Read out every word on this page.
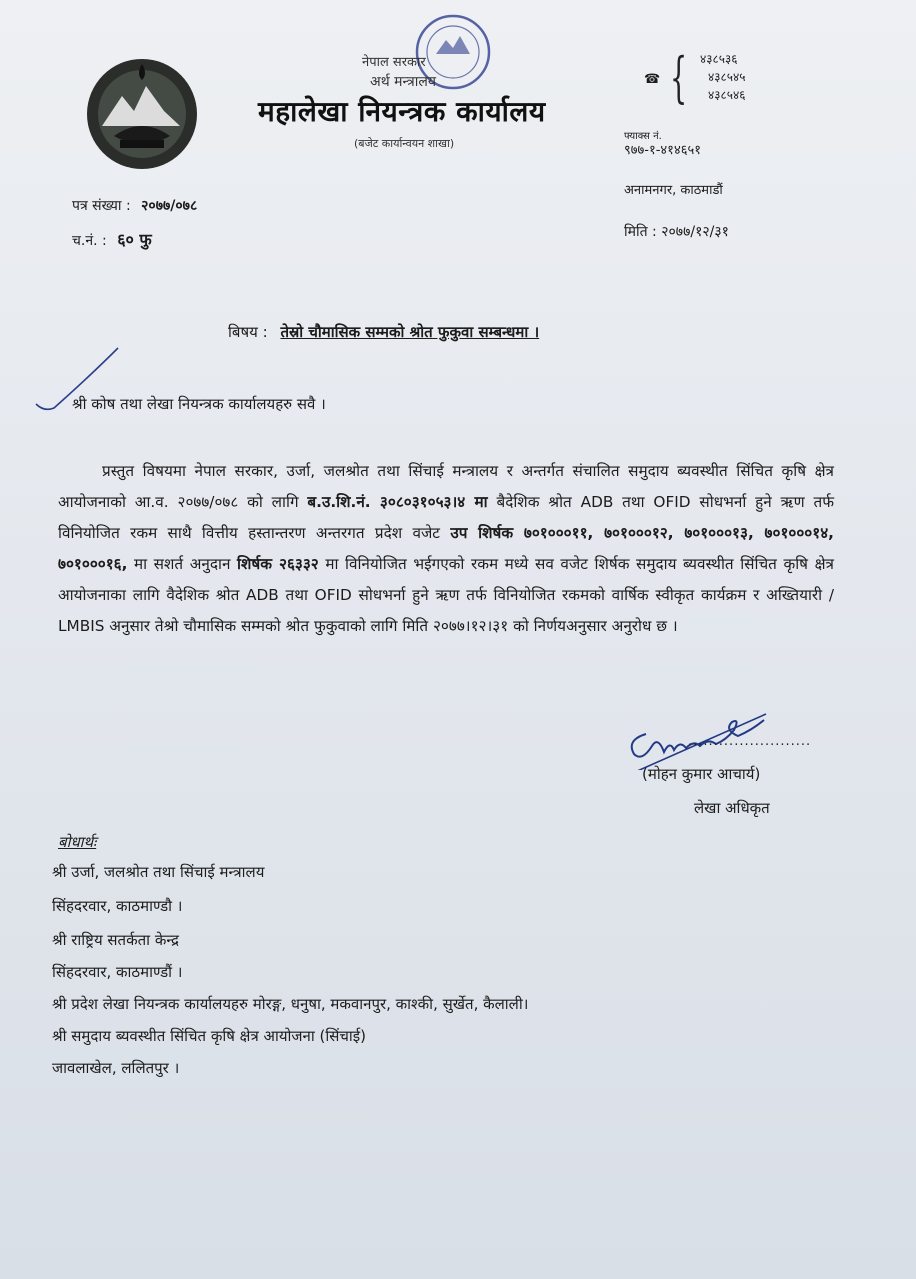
नेपाल सरकार
अर्थ मन्त्रालय
महालेखा नियन्त्रक कार्यालय
(बजेट कार्यान्वयन शाखा)
☎ { ४३८५३६
४३८५४५
४३८५४६
फ्याक्स नं.
९७७-१-४१४६५१
अनामनगर, काठमाडौं
मिति : २०७७/१२/३१
पत्र संख्या : २०७७/०७८
च.नं. : ६० फु
बिषय : तेस्रो चौमासिक सम्मको श्रोत फुकुवा सम्बन्धमा ।
श्री कोष तथा लेखा नियन्त्रक कार्यालयहरु सवै ।
प्रस्तुत विषयमा नेपाल सरकार, उर्जा, जलश्रोत तथा सिंचाई मन्त्रालय र अन्तर्गत संचालित समुदाय ब्यवस्थीत सिंचित कृषि क्षेत्र आयोजनाको आ.व. २०७७/०७८ को लागि ब.उ.शि.नं. ३०८०३१०५३।४ मा बैदेशिक श्रोत ADB तथा OFID सोधभर्ना हुने ऋण तर्फ विनियोजित रकम साथै वित्तीय हस्तान्तरण अन्तरगत प्रदेश वजेट उप शिर्षक ७०१०००११, ७०१०००१२, ७०१०००१३, ७०१०००१४, ७०१०००१६, मा सशर्त अनुदान शिर्षक २६३३२ मा विनियोजित भईगएको रकम मध्ये सव वजेट शिर्षक समुदाय ब्यवस्थीत सिंचित कृषि क्षेत्र आयोजनाका लागि वैदेशिक श्रोत ADB तथा OFID सोधभर्ना हुने ऋण तर्फ विनियोजित रकमको वार्षिक स्वीकृत कार्यक्रम र अख्तियारी / LMBIS अनुसार तेश्रो चौमासिक सम्मको श्रोत फुकुवाको लागि मिति २०७७।१२।३१ को निर्णयअनुसार अनुरोध छ ।
........................
(मोहन कुमार आचार्य)
लेखा अधिकृत
बोधार्थः
श्री उर्जा, जलश्रोत तथा सिंचाई मन्त्रालय
सिंहदरवार, काठमाण्डौ ।
श्री राष्ट्रिय सतर्कता केन्द्र
सिंहदरवार, काठमाण्डौं ।
श्री प्रदेश लेखा नियन्त्रक कार्यालयहरु मोरङ्ग, धनुषा, मकवानपुर, काश्की, सुर्खेत, कैलाली।
श्री समुदाय ब्यवस्थीत सिंचित कृषि क्षेत्र आयोजना (सिंचाई)
जावलाखेल, ललितपुर ।
